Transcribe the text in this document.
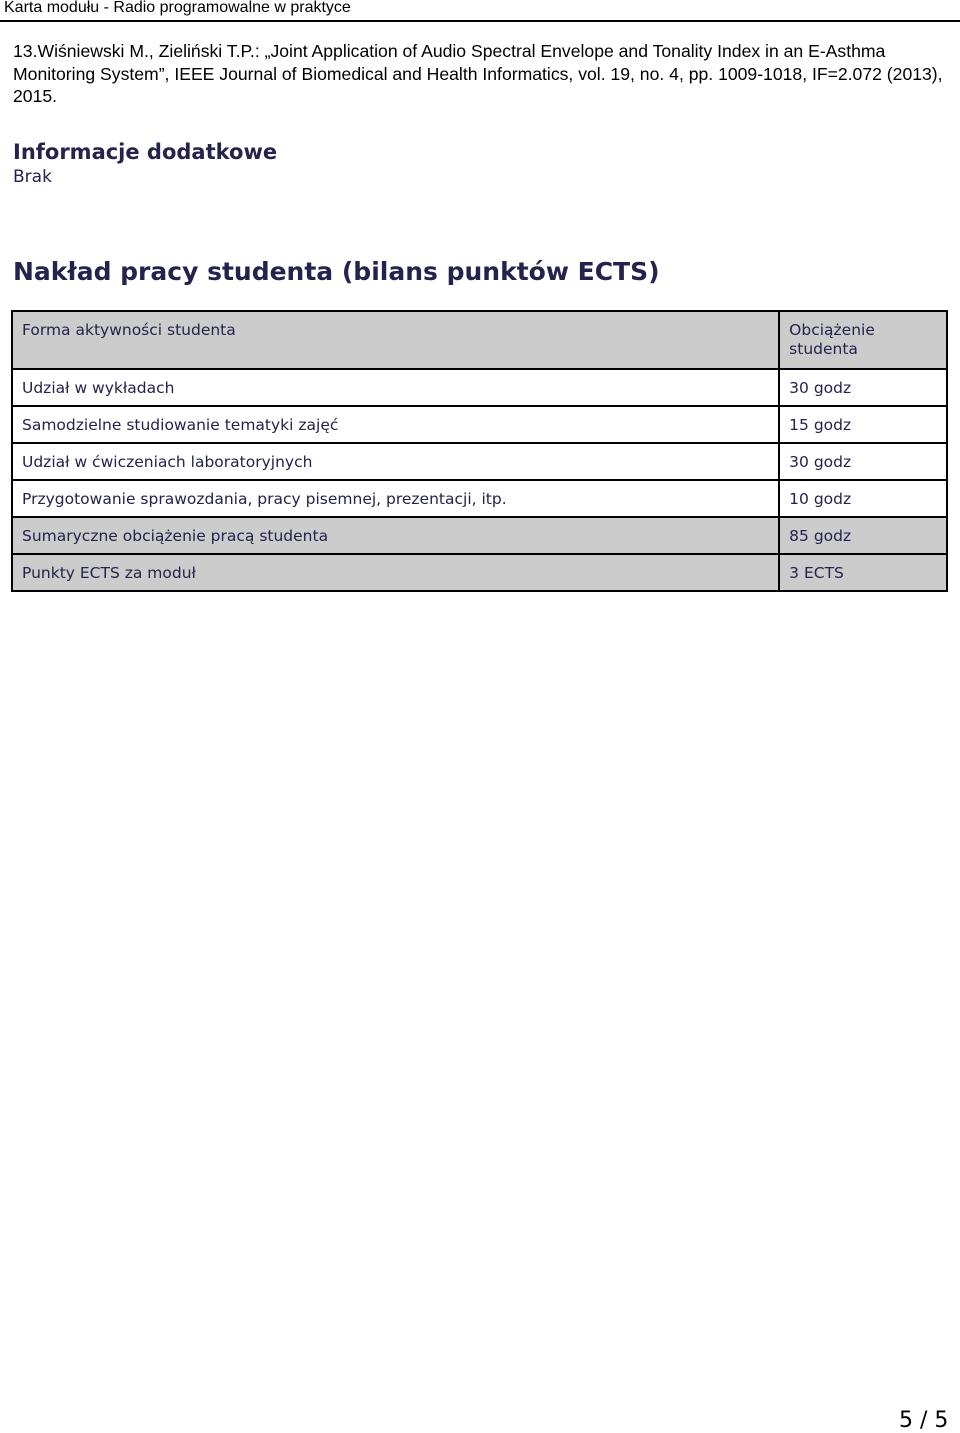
Karta modułu - Radio programowalne w praktyce
13.Wiśniewski M., Zieliński T.P.: „Joint Application of Audio Spectral Envelope and Tonality Index in an E-Asthma Monitoring System”, IEEE Journal of Biomedical and Health Informatics, vol. 19, no. 4, pp. 1009-1018, IF=2.072 (2013), 2015.
Informacje dodatkowe
Brak
Nakład pracy studenta (bilans punktów ECTS)
Forma aktywności studenta	Obciążenie studenta
Udział w wykładach	30 godz
Samodzielne studiowanie tematyki zajęć	15 godz
Udział w ćwiczeniach laboratoryjnych	30 godz
Przygotowanie sprawozdania, pracy pisemnej, prezentacji, itp.	10 godz
Sumaryczne obciążenie pracą studenta	85 godz
Punkty ECTS za moduł	3 ECTS
5 / 5
